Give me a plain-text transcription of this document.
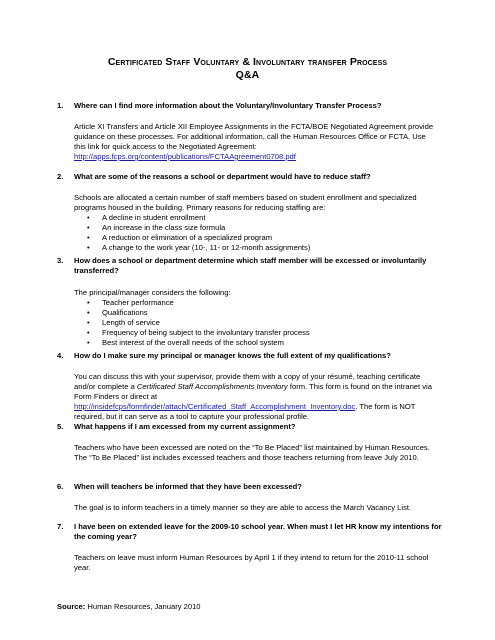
Certificated Staff Voluntary & Involuntary transfer Process
Q&A
1. Where can I find more information about the Voluntary/Involuntary Transfer Process?
Article XI Transfers and Article XII Employee Assignments in the FCTA/BOE Negotiated Agreement provide guidance on these processes. For additional information, call the Human Resources Office or FCTA. Use this link for quick access to the Negotiated Agreement:
http://apps.fcps.org/content/publications/FCTAAgreement0708.pdf
2. What are some of the reasons a school or department would have to reduce staff?
Schools are allocated a certain number of staff members based on student enrollment and specialized programs housed in the building. Primary reasons for reducing staffing are:
• A decline in student enrollment
• An increase in the class size formula
• A reduction or elimination of a specialized program
• A change to the work year (10-, 11- or 12-month assignments)
3. How does a school or department determine which staff member will be excessed or involuntarily transferred?
The principal/manager considers the following:
• Teacher performance
• Qualifications
• Length of service
• Frequency of being subject to the involuntary transfer process
• Best interest of the overall needs of the school system
4. How do I make sure my principal or manager knows the full extent of my qualifications?
You can discuss this with your supervisor, provide them with a copy of your résumé, teaching certificate and/or complete a Certificated Staff Accomplishments Inventory form. This form is found on the intranet via Form Finders or direct at http://insidefcps/formfinder/attach/Certificated_Staff_Accomplishment_Inventory.doc. The form is NOT required, but it can serve as a tool to capture your professional profile.
5. What happens if I am excessed from my current assignment?
Teachers who have been excessed are noted on the “To Be Placed” list maintained by Human Resources. The “To Be Placed” list includes excessed teachers and those teachers returning from leave July 2010.
6. When will teachers be informed that they have been excessed?
The goal is to inform teachers in a timely manner so they are able to access the March Vacancy List.
7. I have been on extended leave for the 2009-10 school year. When must I let HR know my intentions for the coming year?
Teachers on leave must inform Human Resources by April 1 if they intend to return for the 2010-11 school year.
Source: Human Resources, January 2010
